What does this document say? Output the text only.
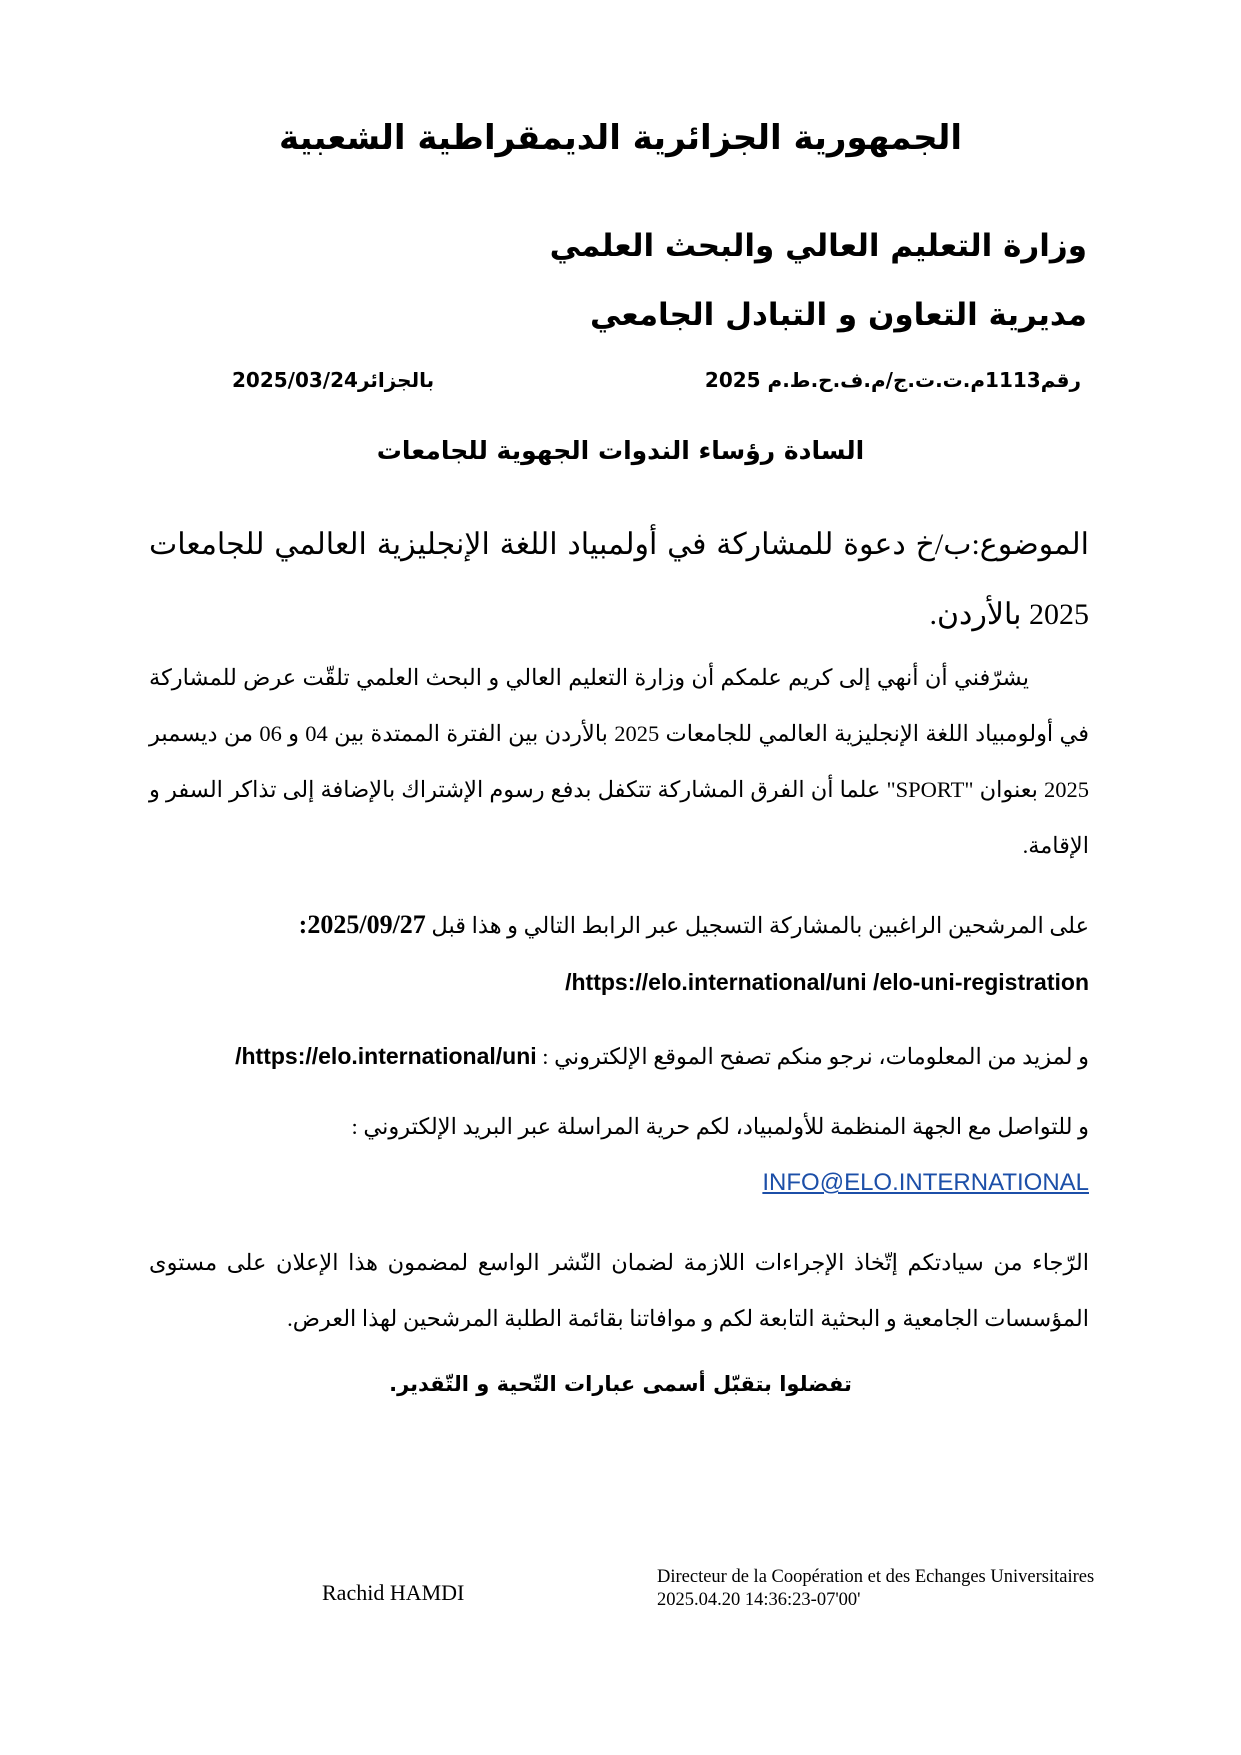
الجمهورية الجزائرية الديمقراطية الشعبية
وزارة التعليم العالي والبحث العلمي
مديرية التعاون و التبادل الجامعي
رقم1113م.ت.ت.ج/م.ف.ح.ط.م 2025
بالجزائر2025/03/24
السادة رؤساء الندوات الجهوية للجامعات
الموضوع:ب/خ دعوة للمشاركة في أولمبياد اللغة الإنجليزية العالمي للجامعات 2025 بالأردن.
يشرّفني أن أنهي إلى كريم علمكم أن وزارة التعليم العالي و البحث العلمي تلقّت عرض للمشاركة في أولومبياد اللغة الإنجليزية العالمي للجامعات 2025 بالأردن بين الفترة الممتدة بين 04 و 06 من ديسمبر 2025 بعنوان "SPORT" علما أن الفرق المشاركة تتكفل بدفع رسوم الإشتراك بالإضافة إلى تذاكر السفر و الإقامة.
على المرشحين الراغبين بالمشاركة التسجيل عبر الرابط التالي و هذا قبل 2025/09/27:
/https://elo.international/uni /elo-uni-registration
و لمزيد من المعلومات، نرجو منكم تصفح الموقع الإلكتروني : /https://elo.international/uni
و للتواصل مع الجهة المنظمة للأولمبياد، لكم حرية المراسلة عبر البريد الإلكتروني :
INFO@ELO.INTERNATIONAL
الرّجاء من سيادتكم إتّخاذ الإجراءات اللازمة لضمان النّشر الواسع لمضمون هذا الإعلان على مستوى المؤسسات الجامعية و البحثية التابعة لكم و موافاتنا بقائمة الطلبة المرشحين لهذا العرض.
تفضلوا بتقبّل أسمى عبارات التّحية و التّقدير.
Rachid HAMDI
Directeur de la Coopération et des Echanges Universitaires
2025.04.20 14:36:23-07'00'
